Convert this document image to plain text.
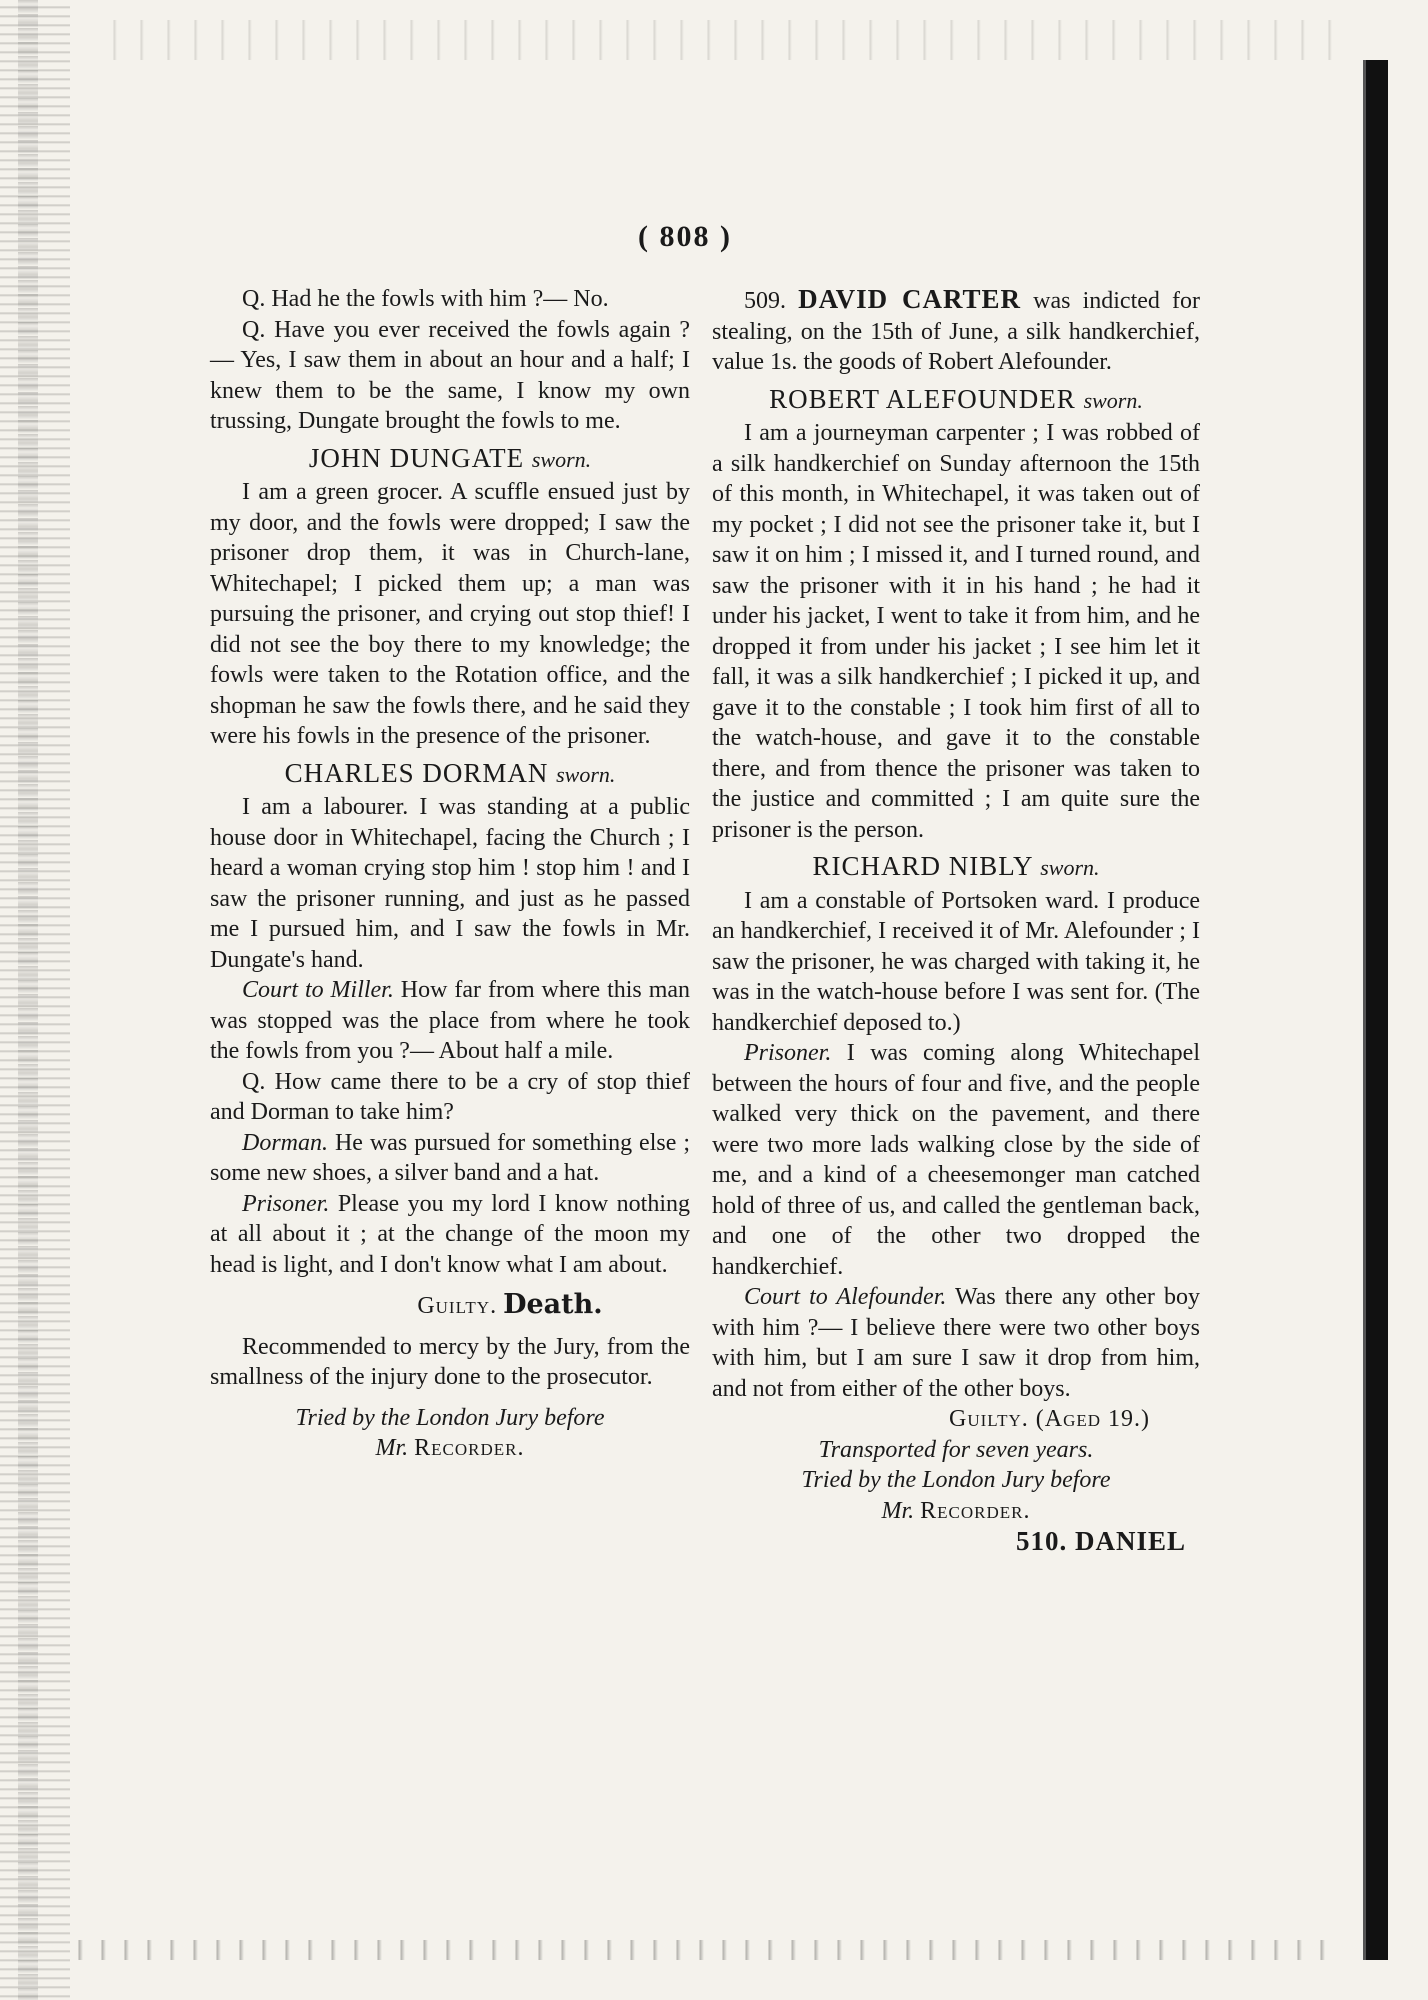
( 808 )

Q. Had he the fowls with him ?— No.

Q. Have you ever received the fowls again ?— Yes, I saw them in about an hour and a half; I knew them to be the same, I know my own trussing, Dungate brought the fowls to me.

JOHN DUNGATE sworn.

I am a green grocer. A scuffle ensued just by my door, and the fowls were dropped; I saw the prisoner drop them, it was in Church-lane, Whitechapel; I picked them up; a man was pursuing the prisoner, and crying out stop thief! I did not see the boy there to my knowledge; the fowls were taken to the Rotation office, and the shopman he saw the fowls there, and he said they were his fowls in the presence of the prisoner.

CHARLES DORMAN sworn.

I am a labourer. I was standing at a public house door in Whitechapel, facing the Church ; I heard a woman crying stop him ! stop him ! and I saw the prisoner running, and just as he passed me I pursued him, and I saw the fowls in Mr. Dungate's hand.

Court to Miller. How far from where this man was stopped was the place from where he took the fowls from you ?— About half a mile.

Q. How came there to be a cry of stop thief and Dorman to take him?

Dorman. He was pursued for something else ; some new shoes, a silver band and a hat.

Prisoner. Please you my lord I know nothing at all about it ; at the change of the moon my head is light, and I don't know what I am about.

Guilty. Death.

Recommended to mercy by the Jury, from the smallness of the injury done to the prosecutor.

Tried by the London Jury before

Mr. Recorder.

509. DAVID CARTER was indicted for stealing, on the 15th of June, a silk handkerchief, value 1s. the goods of Robert Alefounder.

ROBERT ALEFOUNDER sworn.

I am a journeyman carpenter ; I was robbed of a silk handkerchief on Sunday afternoon the 15th of this month, in Whitechapel, it was taken out of my pocket ; I did not see the prisoner take it, but I saw it on him ; I missed it, and I turned round, and saw the prisoner with it in his hand ; he had it under his jacket, I went to take it from him, and he dropped it from under his jacket ; I see him let it fall, it was a silk handkerchief ; I picked it up, and gave it to the constable ; I took him first of all to the watch-house, and gave it to the constable there, and from thence the prisoner was taken to the justice and committed ; I am quite sure the prisoner is the person.

RICHARD NIBLY sworn.

I am a constable of Portsoken ward. I produce an handkerchief, I received it of Mr. Alefounder ; I saw the prisoner, he was charged with taking it, he was in the watch-house before I was sent for. (The handkerchief deposed to.)

Prisoner. I was coming along Whitechapel between the hours of four and five, and the people walked very thick on the pavement, and there were two more lads walking close by the side of me, and a kind of a cheesemonger man catched hold of three of us, and called the gentleman back, and one of the other two dropped the handkerchief.

Court to Alefounder. Was there any other boy with him ?— I believe there were two other boys with him, but I am sure I saw it drop from him, and not from either of the other boys.

Guilty. (Aged 19.)

Transported for seven years.

Tried by the London Jury before

Mr. Recorder.

510. DANIEL
